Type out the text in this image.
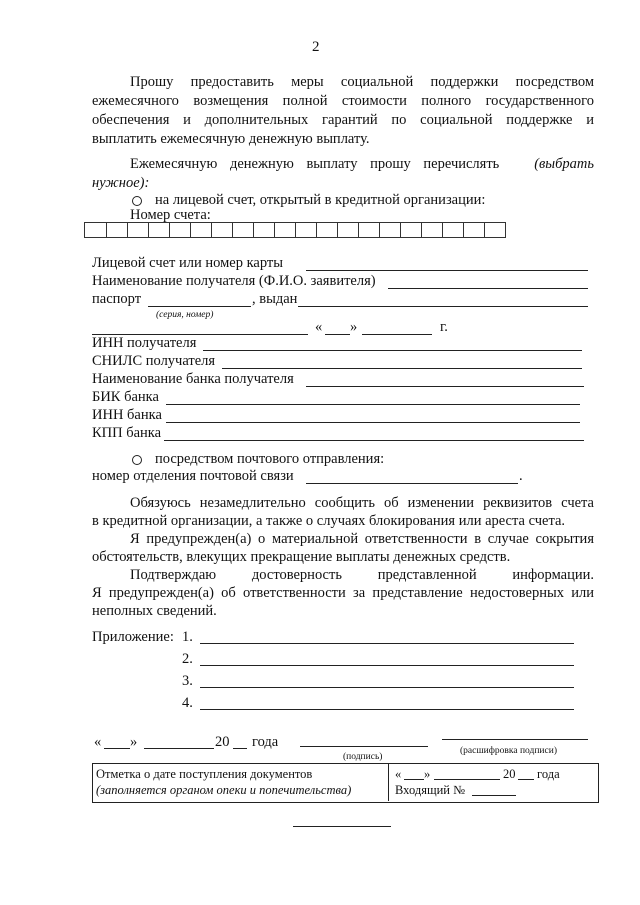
2
Прошу предоставить меры социальной поддержки посредством
ежемесячного возмещения полной стоимости полного государственного
обеспечения и дополнительных гарантий по социальной поддержке и
выплатить ежемесячную денежную выплату.
Ежемесячную денежную выплату прошу перечислять (выбрать
нужное):
на лицевой счет, открытый в кредитной организации:
Номер счета:
Лицевой счет или номер карты
Наименование получателя (Ф.И.О. заявителя)
паспорт	, выдан
(серия, номер)
« »	г.
ИНН получателя
СНИЛС получателя
Наименование банка получателя
БИК банка
ИНН банка
КПП банка
посредством почтового отправления:
номер отделения почтовой связи	.
Обязуюсь незамедлительно сообщить об изменении реквизитов счета
в кредитной организации, а также о случаях блокирования или ареста счета.
Я предупрежден(а) о материальной ответственности в случае сокрытия
обстоятельств, влекущих прекращение выплаты денежных средств.
Подтверждаю достоверность представленной информации.
Я предупрежден(а) об ответственности за представление недостоверных или
неполных сведений.
Приложение: 1.
2.
3.
4.
« »	20 года
(подпись)
(расшифровка подписи)
Отметка о дате поступления документов
(заполняется органом опеки и попечительства)
« »	20 года
Входящий №
